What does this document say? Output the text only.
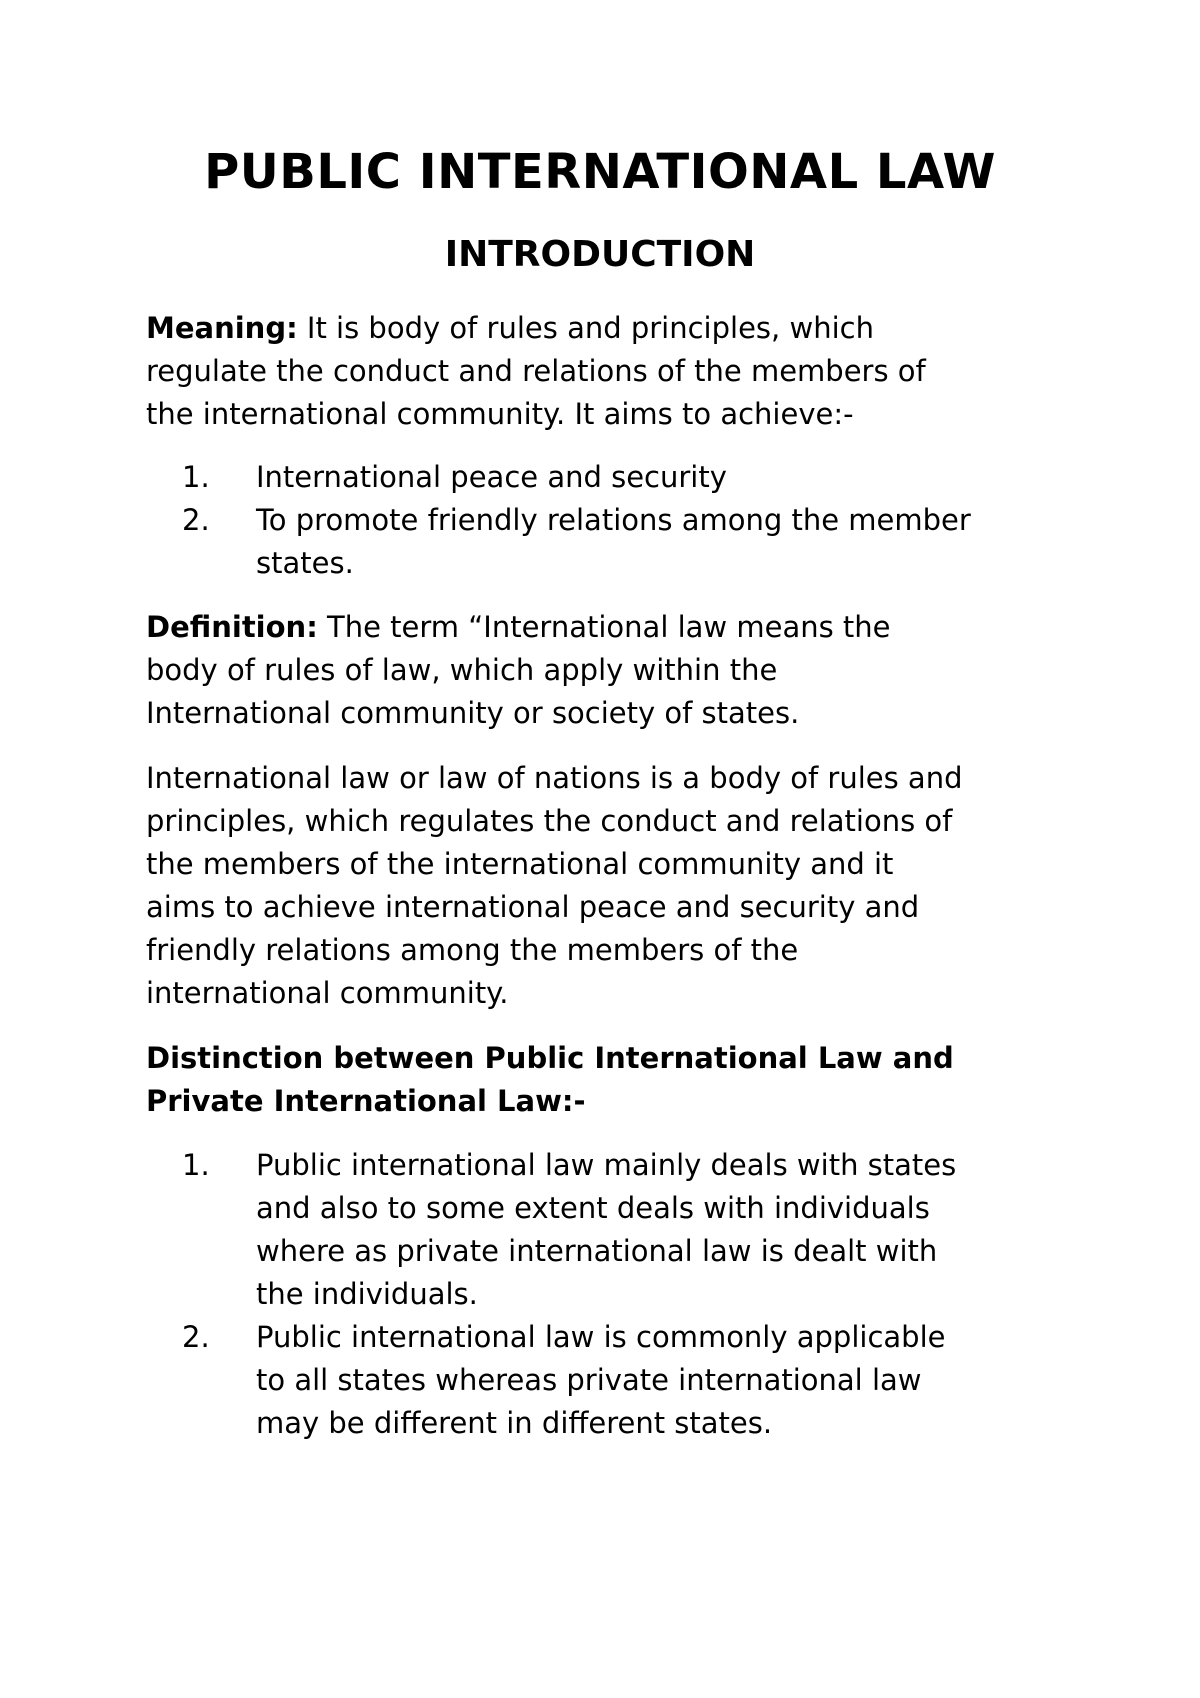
PUBLIC INTERNATIONAL LAW
INTRODUCTION
Meaning: It is body of rules and principles, which
regulate the conduct and relations of the members of
the international community. It aims to achieve:-
1.	International peace and security
2.	To promote friendly relations among the member
states.
Definition: The term “International law means the
body of rules of law, which apply within the
International community or society of states.
International law or law of nations is a body of rules and
principles, which regulates the conduct and relations of
the members of the international community and it
aims to achieve international peace and security and
friendly relations among the members of the
international community.
Distinction between Public International Law and
Private International Law:-
1.	Public international law mainly deals with states
and also to some extent deals with individuals
where as private international law is dealt with
the individuals.
2.	Public international law is commonly applicable
to all states whereas private international law
may be different in different states.
